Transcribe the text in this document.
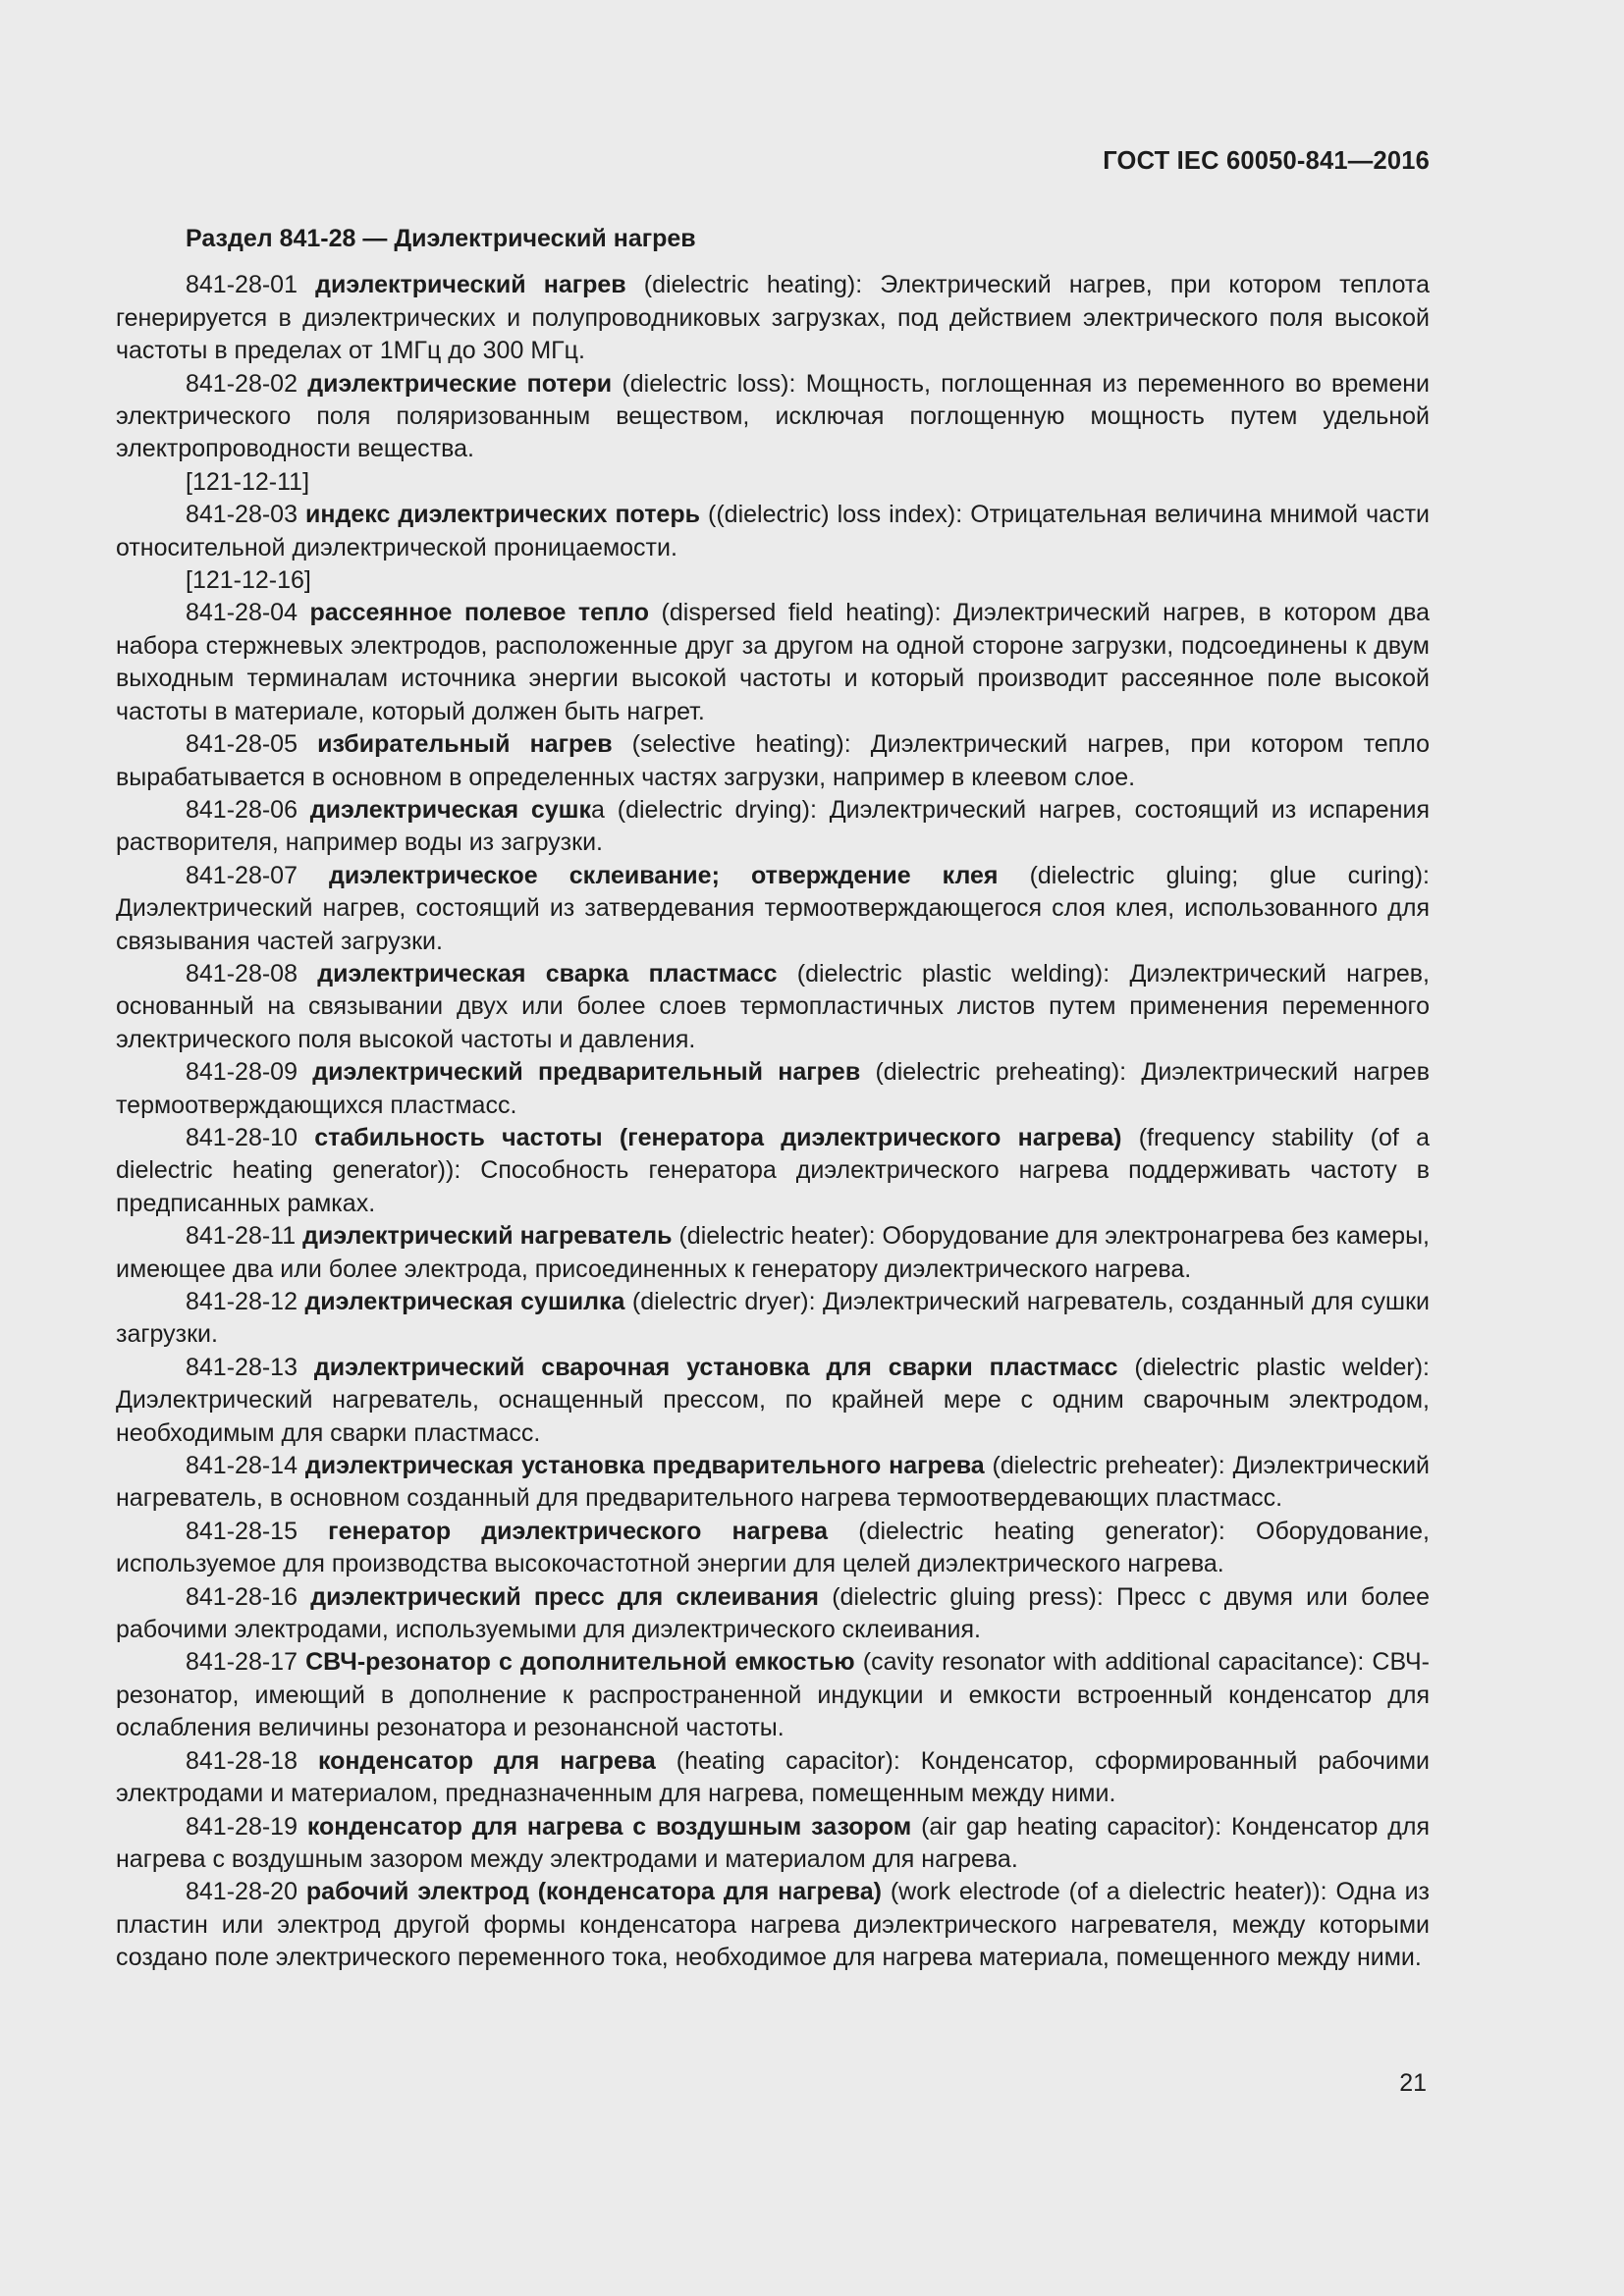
ГОСТ IEC 60050-841—2016

Раздел 841-28 — Диэлектрический нагрев

841-28-01 диэлектрический нагрев (dielectric heating): Электрический нагрев, при котором теплота генерируется в диэлектрических и полупроводниковых загрузках, под действием электрического поля высокой частоты в пределах от 1МГц до 300 МГц.

841-28-02 диэлектрические потери (dielectric loss): Мощность, поглощенная из переменного во времени электрического поля поляризованным веществом, исключая поглощенную мощность путем удельной электропроводности вещества.

[121-12-11]

841-28-03 индекс диэлектрических потерь ((dielectric) loss index): Отрицательная величина мнимой части относительной диэлектрической проницаемости.

[121-12-16]

841-28-04 рассеянное полевое тепло (dispersed field heating): Диэлектрический нагрев, в котором два набора стержневых электродов, расположенные друг за другом на одной стороне загрузки, подсоединены к двум выходным терминалам источника энергии высокой частоты и который производит рассеянное поле высокой частоты в материале, который должен быть нагрет.

841-28-05 избирательный нагрев (selective heating): Диэлектрический нагрев, при котором тепло вырабатывается в основном в определенных частях загрузки, например в клеевом слое.

841-28-06 диэлектрическая сушка (dielectric drying): Диэлектрический нагрев, состоящий из испарения растворителя, например воды из загрузки.

841-28-07 диэлектрическое склеивание; отверждение клея (dielectric gluing; glue curing): Диэлектрический нагрев, состоящий из затвердевания термоотверждающегося слоя клея, использованного для связывания частей загрузки.

841-28-08 диэлектрическая сварка пластмасс (dielectric plastic welding): Диэлектрический нагрев, основанный на связывании двух или более слоев термопластичных листов путем применения переменного электрического поля высокой частоты и давления.

841-28-09 диэлектрический предварительный нагрев (dielectric preheating): Диэлектрический нагрев термоотверждающихся пластмасс.

841-28-10 стабильность частоты (генератора диэлектрического нагрева) (frequency stability (of a dielectric heating generator)): Способность генератора диэлектрического нагрева поддерживать частоту в предписанных рамках.

841-28-11 диэлектрический нагреватель (dielectric heater): Оборудование для электронагрева без камеры, имеющее два или более электрода, присоединенных к генератору диэлектрического нагрева.

841-28-12 диэлектрическая сушилка (dielectric dryer): Диэлектрический нагреватель, созданный для сушки загрузки.

841-28-13 диэлектрический сварочная установка для сварки пластмасс (dielectric plastic welder): Диэлектрический нагреватель, оснащенный прессом, по крайней мере с одним сварочным электродом, необходимым для сварки пластмасс.

841-28-14 диэлектрическая установка предварительного нагрева (dielectric preheater): Диэлектрический нагреватель, в основном созданный для предварительного нагрева термоотвердевающих пластмасс.

841-28-15 генератор диэлектрического нагрева (dielectric heating generator): Оборудование, используемое для производства высокочастотной энергии для целей диэлектрического нагрева.

841-28-16 диэлектрический пресс для склеивания (dielectric gluing press): Пресс с двумя или более рабочими электродами, используемыми для диэлектрического склеивания.

841-28-17 СВЧ-резонатор с дополнительной емкостью (cavity resonator with additional capacitance): СВЧ-резонатор, имеющий в дополнение к распространенной индукции и емкости встроенный конденсатор для ослабления величины резонатора и резонансной частоты.

841-28-18 конденсатор для нагрева (heating capacitor): Конденсатор, сформированный рабочими электродами и материалом, предназначенным для нагрева, помещенным между ними.

841-28-19 конденсатор для нагрева с воздушным зазором (air gap heating capacitor): Конденсатор для нагрева с воздушным зазором между электродами и материалом для нагрева.

841-28-20 рабочий электрод (конденсатора для нагрева) (work electrode (of a dielectric heater)): Одна из пластин или электрод другой формы конденсатора нагрева диэлектрического нагревателя, между которыми создано поле электрического переменного тока, необходимое для нагрева материала, помещенного между ними.

21
